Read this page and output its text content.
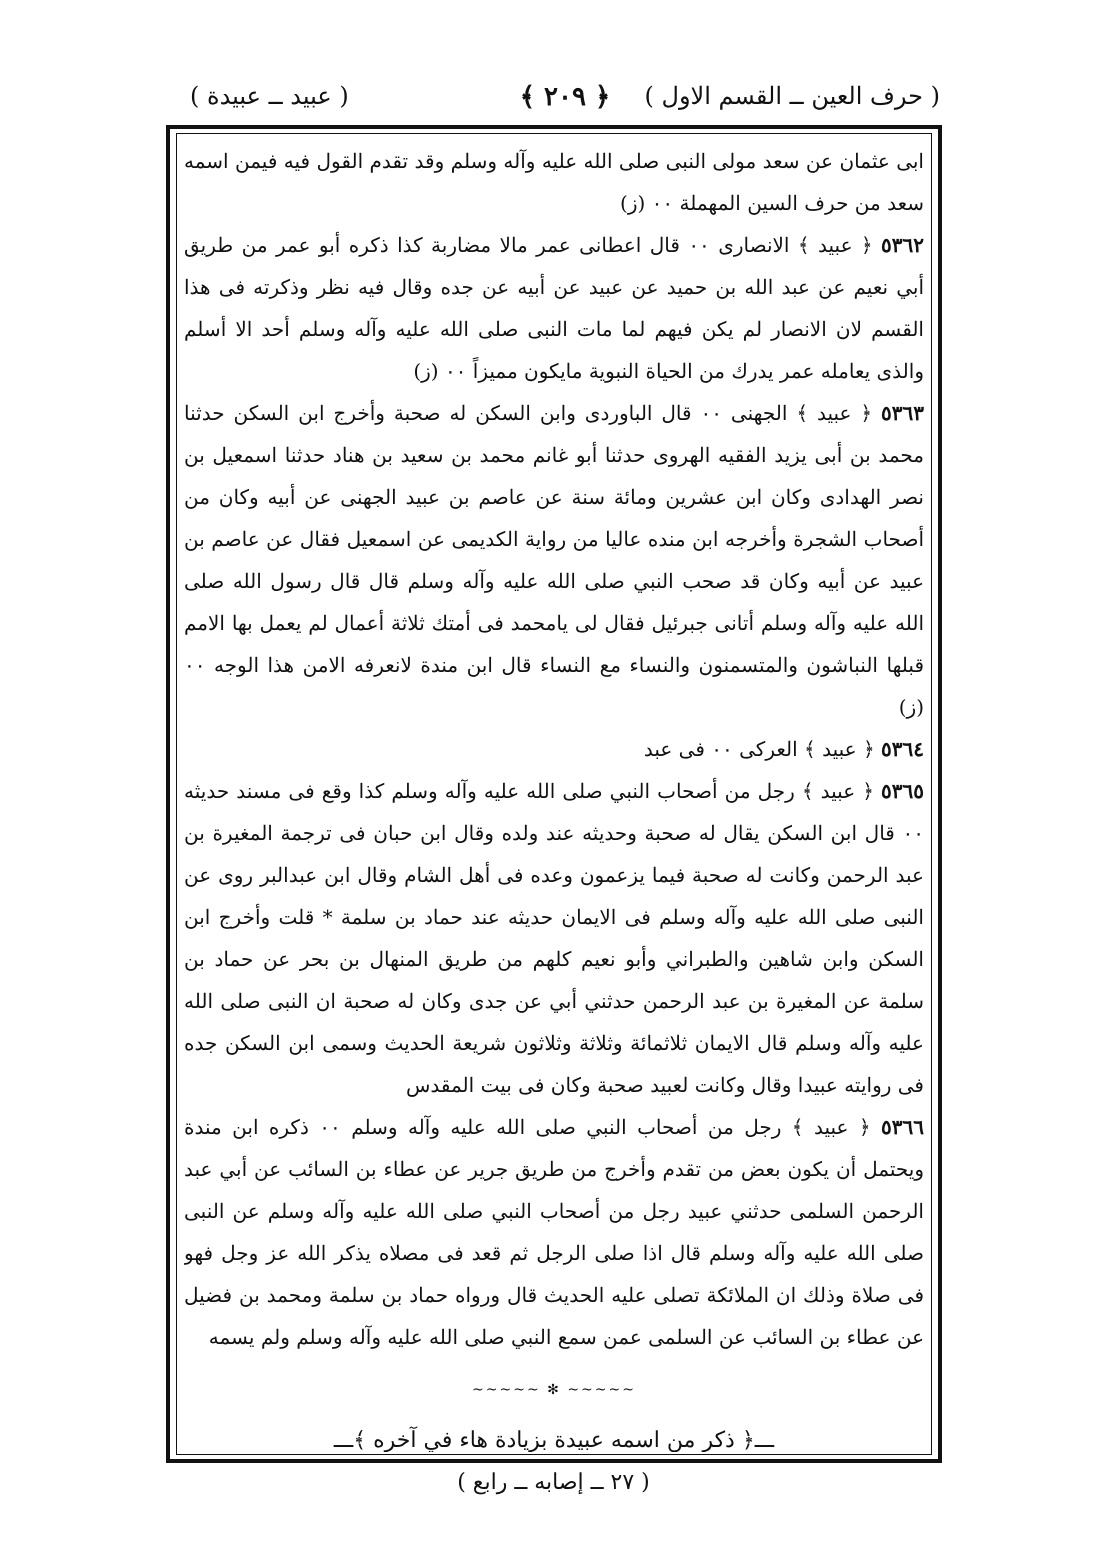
( حرف العين ــ القسم الاول )
﴿ ٢٠٩ ﴾
( عبيد ــ عبيدة )

ابى عثمان عن سعد مولى النبى صلى الله عليه وآله وسلم وقد تقدم القول فيه فيمن اسمه سعد من حرف السين المهملة ٠٠ (ز)

٥٣٦٢ ﴿ عبيد ﴾ الانصارى ٠٠ قال اعطانى عمر مالا مضاربة كذا ذكره أبو عمر من طريق أبي نعيم عن عبد الله بن حميد عن عبيد عن أبيه عن جده وقال فيه نظر وذكرته فى هذا القسم لان الانصار لم يكن فيهم لما مات النبى صلى الله عليه وآله وسلم أحد الا أسلم والذى يعامله عمر يدرك من الحياة النبوية مايكون مميزاً ٠٠ (ز)

٥٣٦٣ ﴿ عبيد ﴾ الجهنى ٠٠ قال الباوردى وابن السكن له صحبة وأخرج ابن السكن حدثنا محمد بن أبى يزيد الفقيه الهروى حدثنا أبو غانم محمد بن سعيد بن هناد حدثنا اسمعيل بن نصر الهدادى وكان ابن عشرين ومائة سنة عن عاصم بن عبيد الجهنى عن أبيه وكان من أصحاب الشجرة وأخرجه ابن منده عاليا من رواية الكديمى عن اسمعيل فقال عن عاصم بن عبيد عن أبيه وكان قد صحب النبي صلى الله عليه وآله وسلم قال قال رسول الله صلى الله عليه وآله وسلم أتانى جبرئيل فقال لى يامحمد فى أمتك ثلاثة أعمال لم يعمل بها الامم قبلها النباشون والمتسمنون والنساء مع النساء قال ابن مندة لانعرفه الامن هذا الوجه ٠٠ (ز)

٥٣٦٤ ﴿ عبيد ﴾ العركى ٠٠ فى عبد

٥٣٦٥ ﴿ عبيد ﴾ رجل من أصحاب النبي صلى الله عليه وآله وسلم كذا وقع فى مسند حديثه ٠٠ قال ابن السكن يقال له صحبة وحديثه عند ولده وقال ابن حبان فى ترجمة المغيرة بن عبد الرحمن وكانت له صحبة فيما يزعمون وعده فى أهل الشام وقال ابن عبدالبر روى عن النبى صلى الله عليه وآله وسلم فى الايمان حديثه عند حماد بن سلمة * قلت وأخرج ابن السكن وابن شاهين والطبراني وأبو نعيم كلهم من طريق المنهال بن بحر عن حماد بن سلمة عن المغيرة بن عبد الرحمن حدثني أبي عن جدى وكان له صحبة ان النبى صلى الله عليه وآله وسلم قال الايمان ثلاثمائة وثلاثة وثلاثون شريعة الحديث وسمى ابن السكن جده فى روايته عبيدا وقال وكانت لعبيد صحبة وكان فى بيت المقدس

٥٣٦٦ ﴿ عبيد ﴾ رجل من أصحاب النبي صلى الله عليه وآله وسلم ٠٠ ذكره ابن مندة ويحتمل أن يكون بعض من تقدم وأخرج من طريق جرير عن عطاء بن السائب عن أبي عبد الرحمن السلمى حدثني عبيد رجل من أصحاب النبي صلى الله عليه وآله وسلم عن النبى صلى الله عليه وآله وسلم قال اذا صلى الرجل ثم قعد فى مصلاه يذكر الله عز وجل فهو فى صلاة وذلك ان الملائكة تصلى عليه الحديث قال ورواه حماد بن سلمة ومحمد بن فضيل عن عطاء بن السائب عن السلمى عمن سمع النبي صلى الله عليه وآله وسلم ولم يسمه

~~~~~ ✻ ~~~~~
ـــ﴿ ذكر من اسمه عبيدة بزيادة هاء في آخره ﴾ـــ

( ٢٧ ــ إصابه ــ رابع )
